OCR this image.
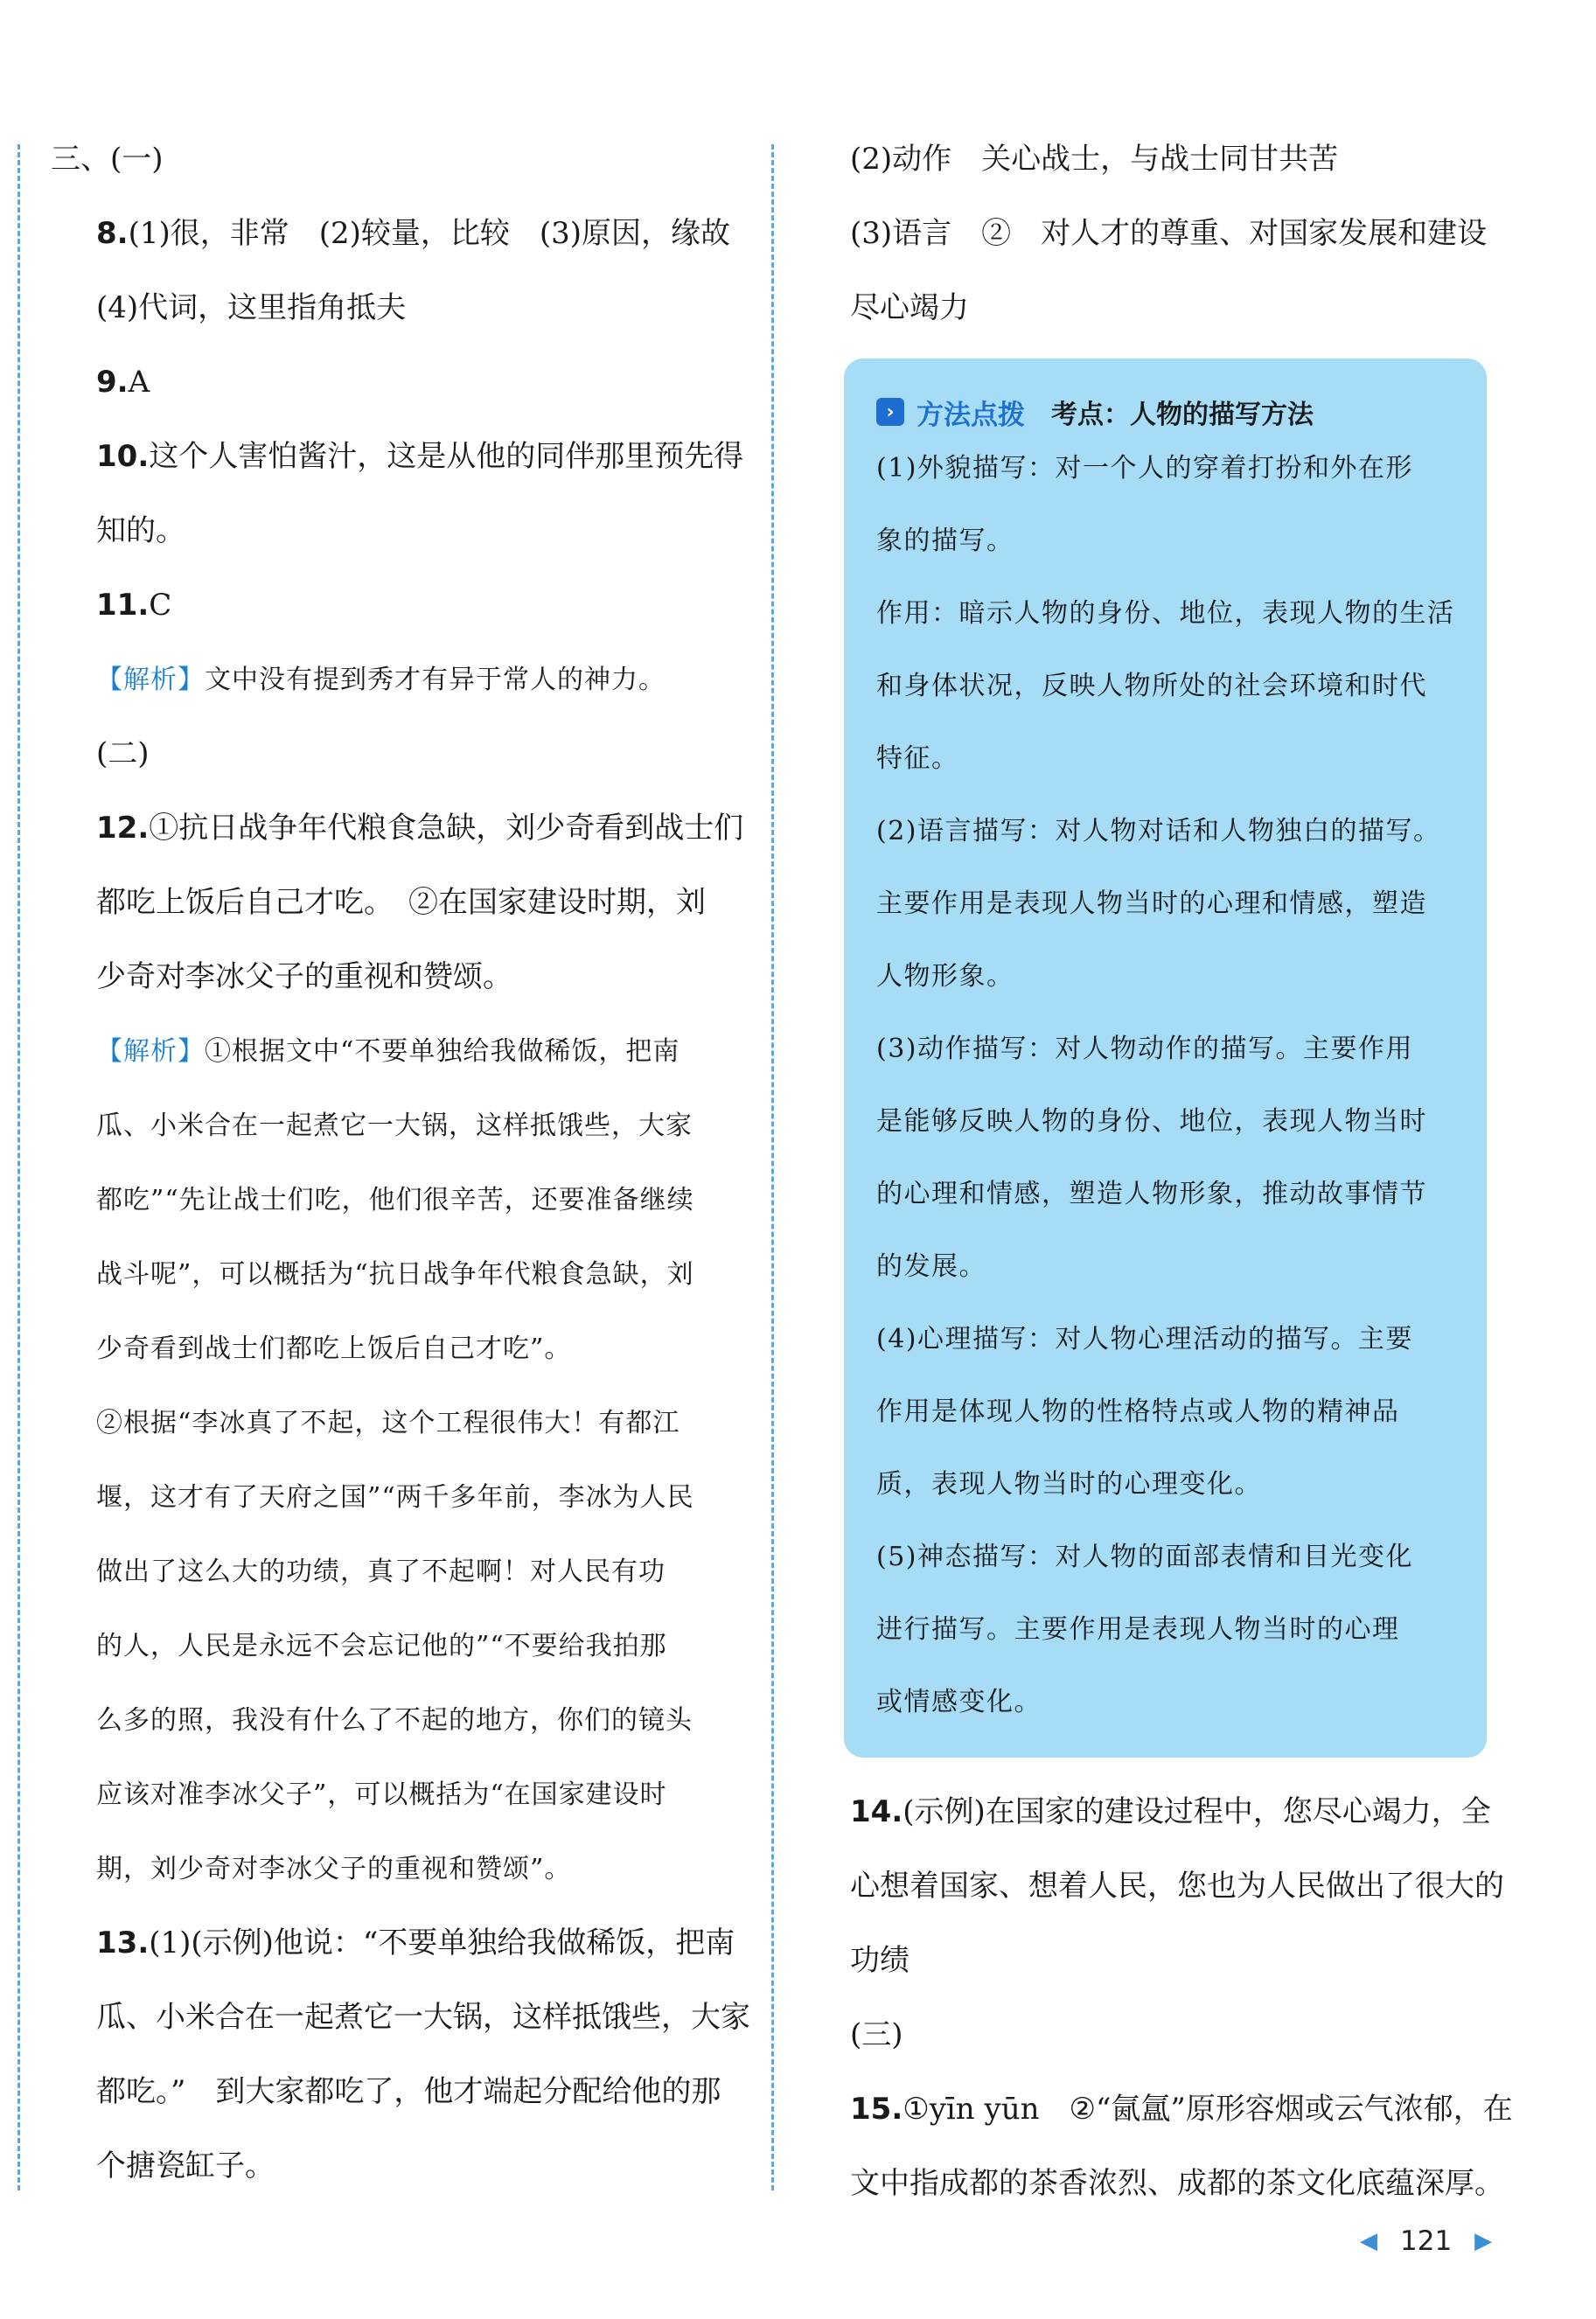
三、(一)
8.(1)很，非常　(2)较量，比较　(3)原因，缘故
(4)代词，这里指角抵夫
9.A
10.这个人害怕酱汁，这是从他的同伴那里预先得
知的。
11.C
【解析】文中没有提到秀才有异于常人的神力。
(二)
12.①抗日战争年代粮食急缺，刘少奇看到战士们
都吃上饭后自己才吃。　②在国家建设时期，刘
少奇对李冰父子的重视和赞颂。
【解析】①根据文中“不要单独给我做稀饭，把南
瓜、小米合在一起煮它一大锅，这样抵饿些，大家
都吃”“先让战士们吃，他们很辛苦，还要准备继续
战斗呢”，可以概括为“抗日战争年代粮食急缺，刘
少奇看到战士们都吃上饭后自己才吃”。
②根据“李冰真了不起，这个工程很伟大！有都江
堰，这才有了天府之国”“两千多年前，李冰为人民
做出了这么大的功绩，真了不起啊！对人民有功
的人，人民是永远不会忘记他的”“不要给我拍那
么多的照，我没有什么了不起的地方，你们的镜头
应该对准李冰父子”，可以概括为“在国家建设时
期，刘少奇对李冰父子的重视和赞颂”。
13.(1)(示例)他说：“不要单独给我做稀饭，把南
瓜、小米合在一起煮它一大锅，这样抵饿些，大家
都吃。”　到大家都吃了，他才端起分配给他的那
个搪瓷缸子。
(2)动作　关心战士，与战士同甘共苦
(3)语言　②　对人才的尊重、对国家发展和建设
尽心竭力
› 方法点拨 考点：人物的描写方法
(1)外貌描写：对一个人的穿着打扮和外在形
象的描写。
作用：暗示人物的身份、地位，表现人物的生活
和身体状况，反映人物所处的社会环境和时代
特征。
(2)语言描写：对人物对话和人物独白的描写。
主要作用是表现人物当时的心理和情感，塑造
人物形象。
(3)动作描写：对人物动作的描写。主要作用
是能够反映人物的身份、地位，表现人物当时
的心理和情感，塑造人物形象，推动故事情节
的发展。
(4)心理描写：对人物心理活动的描写。主要
作用是体现人物的性格特点或人物的精神品
质，表现人物当时的心理变化。
(5)神态描写：对人物的面部表情和目光变化
进行描写。主要作用是表现人物当时的心理
或情感变化。
14.(示例)在国家的建设过程中，您尽心竭力，全
心想着国家、想着人民，您也为人民做出了很大的
功绩
(三)
15.①yīn yūn　②“氤氲”原形容烟或云气浓郁，在
文中指成都的茶香浓烈、成都的茶文化底蕴深厚。
◀ 121 ▶
